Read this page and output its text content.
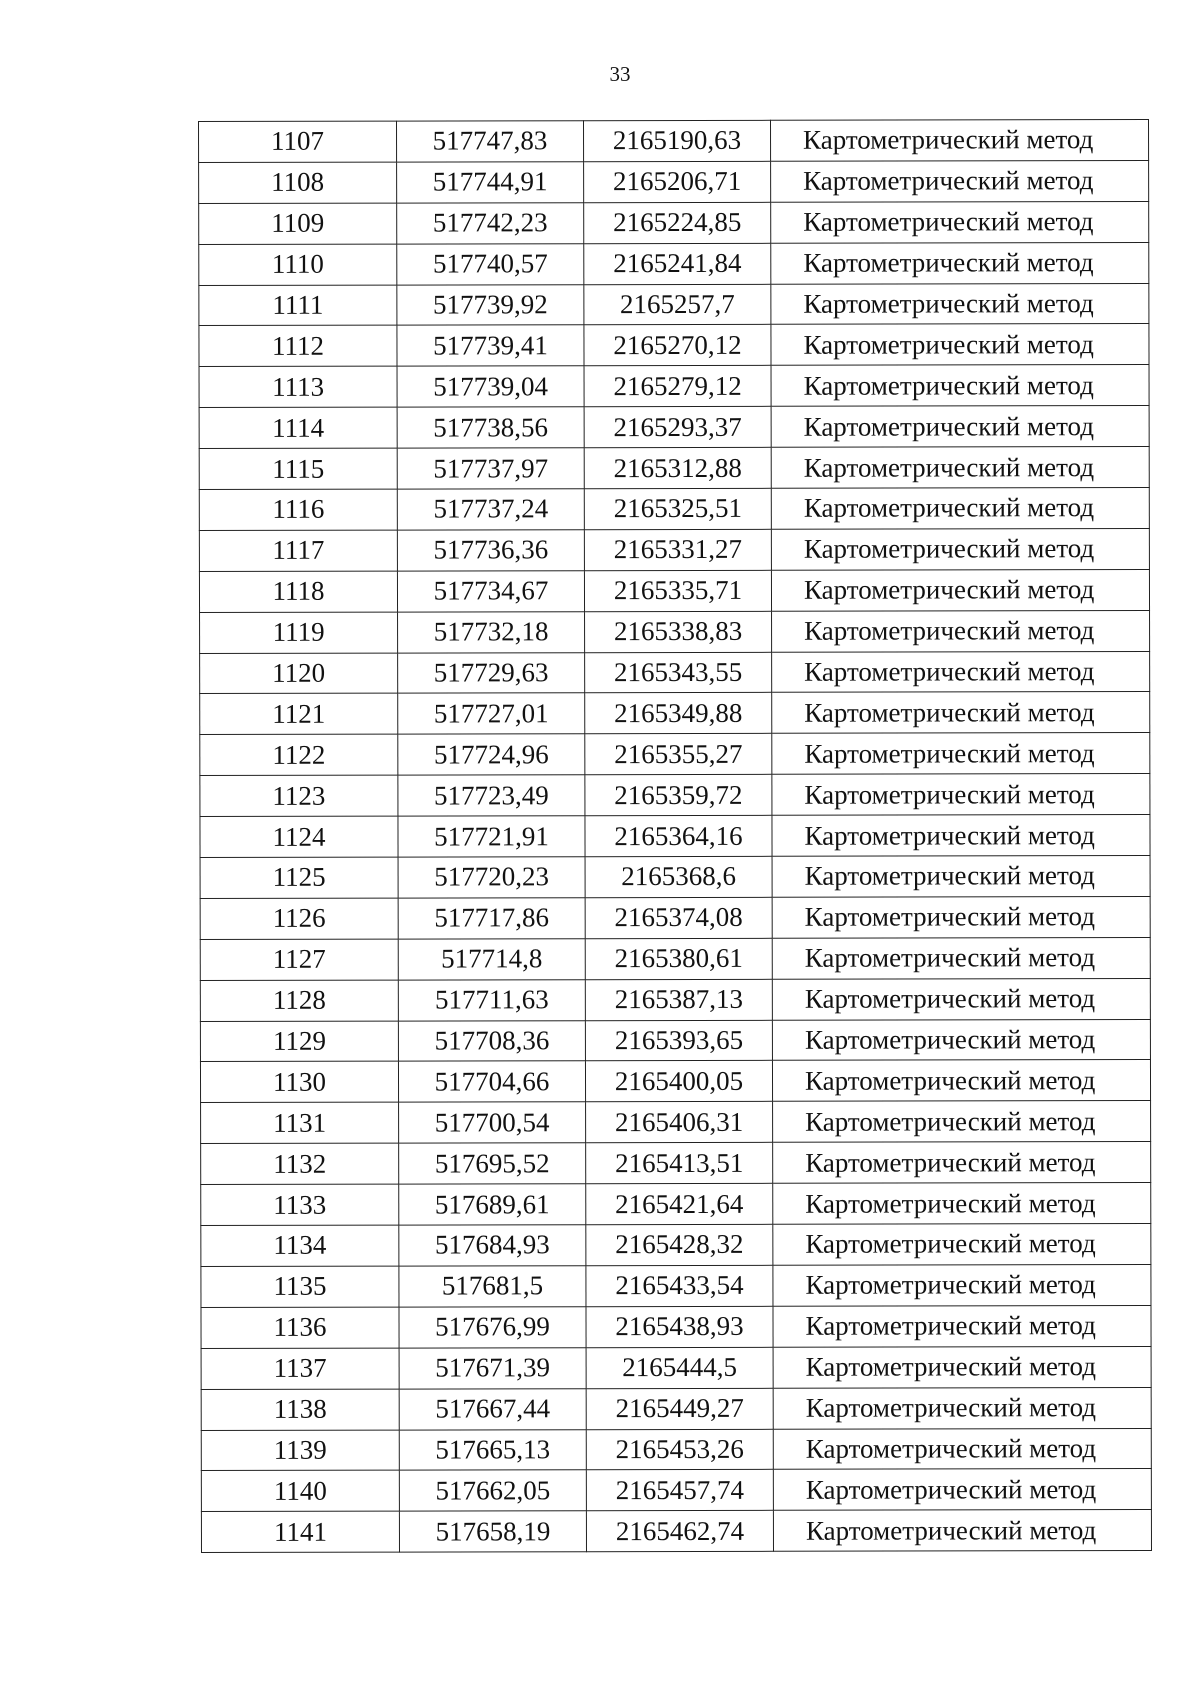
33
1107	517747,83	2165190,63	Картометрический метод
1108	517744,91	2165206,71	Картометрический метод
1109	517742,23	2165224,85	Картометрический метод
1110	517740,57	2165241,84	Картометрический метод
1111	517739,92	2165257,7	Картометрический метод
1112	517739,41	2165270,12	Картометрический метод
1113	517739,04	2165279,12	Картометрический метод
1114	517738,56	2165293,37	Картометрический метод
1115	517737,97	2165312,88	Картометрический метод
1116	517737,24	2165325,51	Картометрический метод
1117	517736,36	2165331,27	Картометрический метод
1118	517734,67	2165335,71	Картометрический метод
1119	517732,18	2165338,83	Картометрический метод
1120	517729,63	2165343,55	Картометрический метод
1121	517727,01	2165349,88	Картометрический метод
1122	517724,96	2165355,27	Картометрический метод
1123	517723,49	2165359,72	Картометрический метод
1124	517721,91	2165364,16	Картометрический метод
1125	517720,23	2165368,6	Картометрический метод
1126	517717,86	2165374,08	Картометрический метод
1127	517714,8	2165380,61	Картометрический метод
1128	517711,63	2165387,13	Картометрический метод
1129	517708,36	2165393,65	Картометрический метод
1130	517704,66	2165400,05	Картометрический метод
1131	517700,54	2165406,31	Картометрический метод
1132	517695,52	2165413,51	Картометрический метод
1133	517689,61	2165421,64	Картометрический метод
1134	517684,93	2165428,32	Картометрический метод
1135	517681,5	2165433,54	Картометрический метод
1136	517676,99	2165438,93	Картометрический метод
1137	517671,39	2165444,5	Картометрический метод
1138	517667,44	2165449,27	Картометрический метод
1139	517665,13	2165453,26	Картометрический метод
1140	517662,05	2165457,74	Картометрический метод
1141	517658,19	2165462,74	Картометрический метод
